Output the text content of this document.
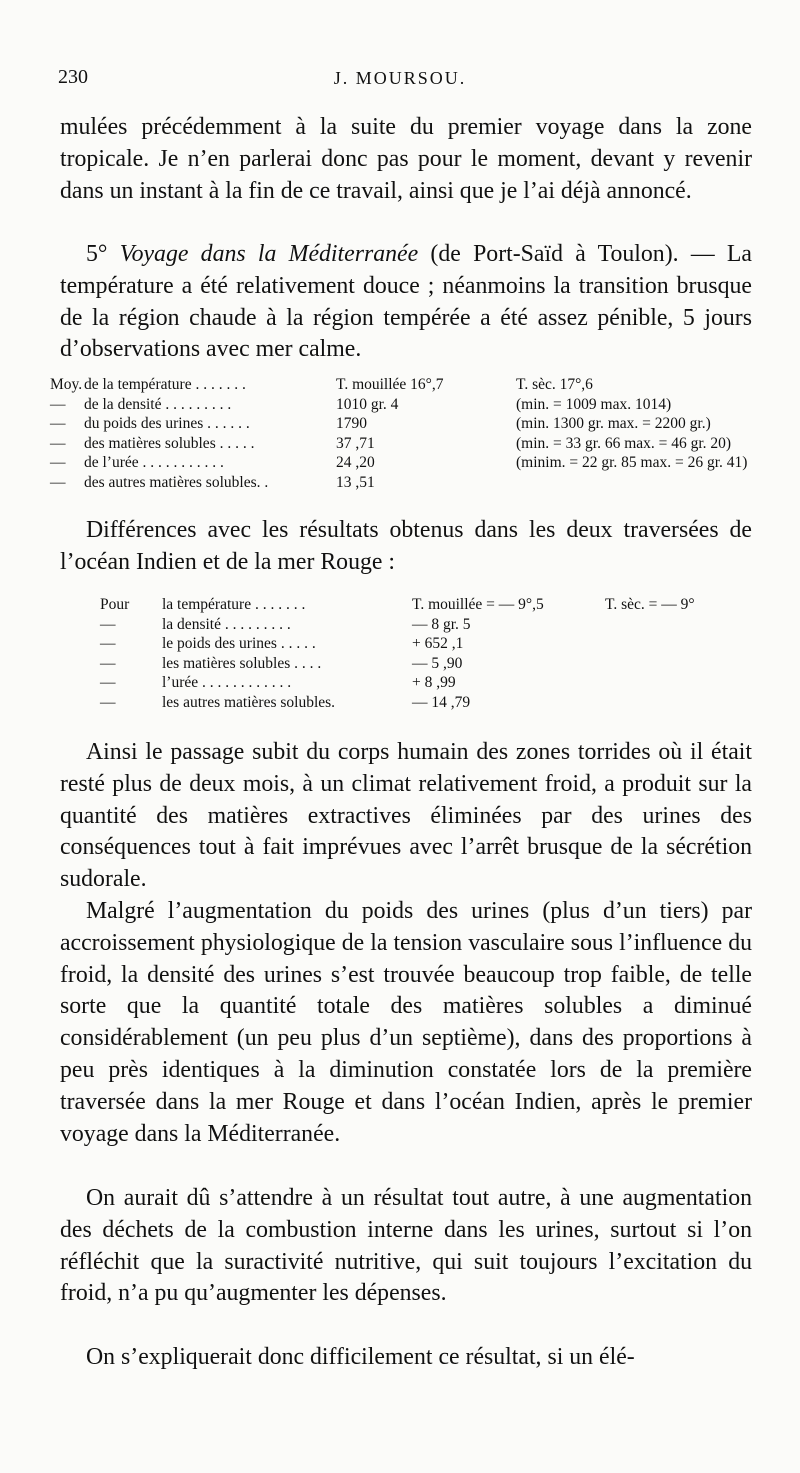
230	J. MOURSOU.

mulées précédemment à la suite du premier voyage dans la zone tropicale. Je n’en parlerai donc pas pour le moment, devant y revenir dans un instant à la fin de ce travail, ainsi que je l’ai déjà annoncé.

5° Voyage dans la Méditerranée (de Port-Saïd à Toulon). — La température a été relativement douce ; néanmoins la transition brusque de la région chaude à la région tempérée a été assez pénible, 5 jours d’observations avec mer calme.

Moy. de la température . . . . . . .	T. mouillée 16°,7	T. sèc. 17°,6
— de la densité . . . . . . . . .	1010 gr. 4	(min. = 1009 max. 1014)
— du poids des urines . . . . . .	1790	(min. 1300 gr. max. = 2200 gr.)
— des matières solubles . . . . .	37 ,71	(min. = 33 gr. 66 max. = 46 gr. 20)
— de l’urée . . . . . . . . . . .	24 ,20	(minim. = 22 gr. 85 max. = 26 gr. 41)
— des autres matières solubles. .	13 ,51

Différences avec les résultats obtenus dans les deux traversées de l’océan Indien et de la mer Rouge :

Pour la température . . . . . . .	T. mouillée = — 9°,5	T. sèc. = — 9°
—	la densité . . . . . . . . .	— 8 gr. 5
—	le poids des urines . . . . .	+ 652 ,1
—	les matières solubles . . . .	— 5 ,90
—	l’urée . . . . . . . . . . . .	+ 8 ,99
—	les autres matières solubles.	— 14 ,79

Ainsi le passage subit du corps humain des zones torrides où il était resté plus de deux mois, à un climat relativement froid, a produit sur la quantité des matières extractives éliminées par des urines des conséquences tout à fait imprévues avec l’arrêt brusque de la sécrétion sudorale.

Malgré l’augmentation du poids des urines (plus d’un tiers) par accroissement physiologique de la tension vasculaire sous l’influence du froid, la densité des urines s’est trouvée beaucoup trop faible, de telle sorte que la quantité totale des matières solubles a diminué considérablement (un peu plus d’un septième), dans des proportions à peu près identiques à la diminution constatée lors de la première traversée dans la mer Rouge et dans l’océan Indien, après le premier voyage dans la Méditerranée.

On aurait dû s’attendre à un résultat tout autre, à une augmentation des déchets de la combustion interne dans les urines, surtout si l’on réfléchit que la suractivité nutritive, qui suit toujours l’excitation du froid, n’a pu qu’augmenter les dépenses.

On s’expliquerait donc difficilement ce résultat, si un élé-
